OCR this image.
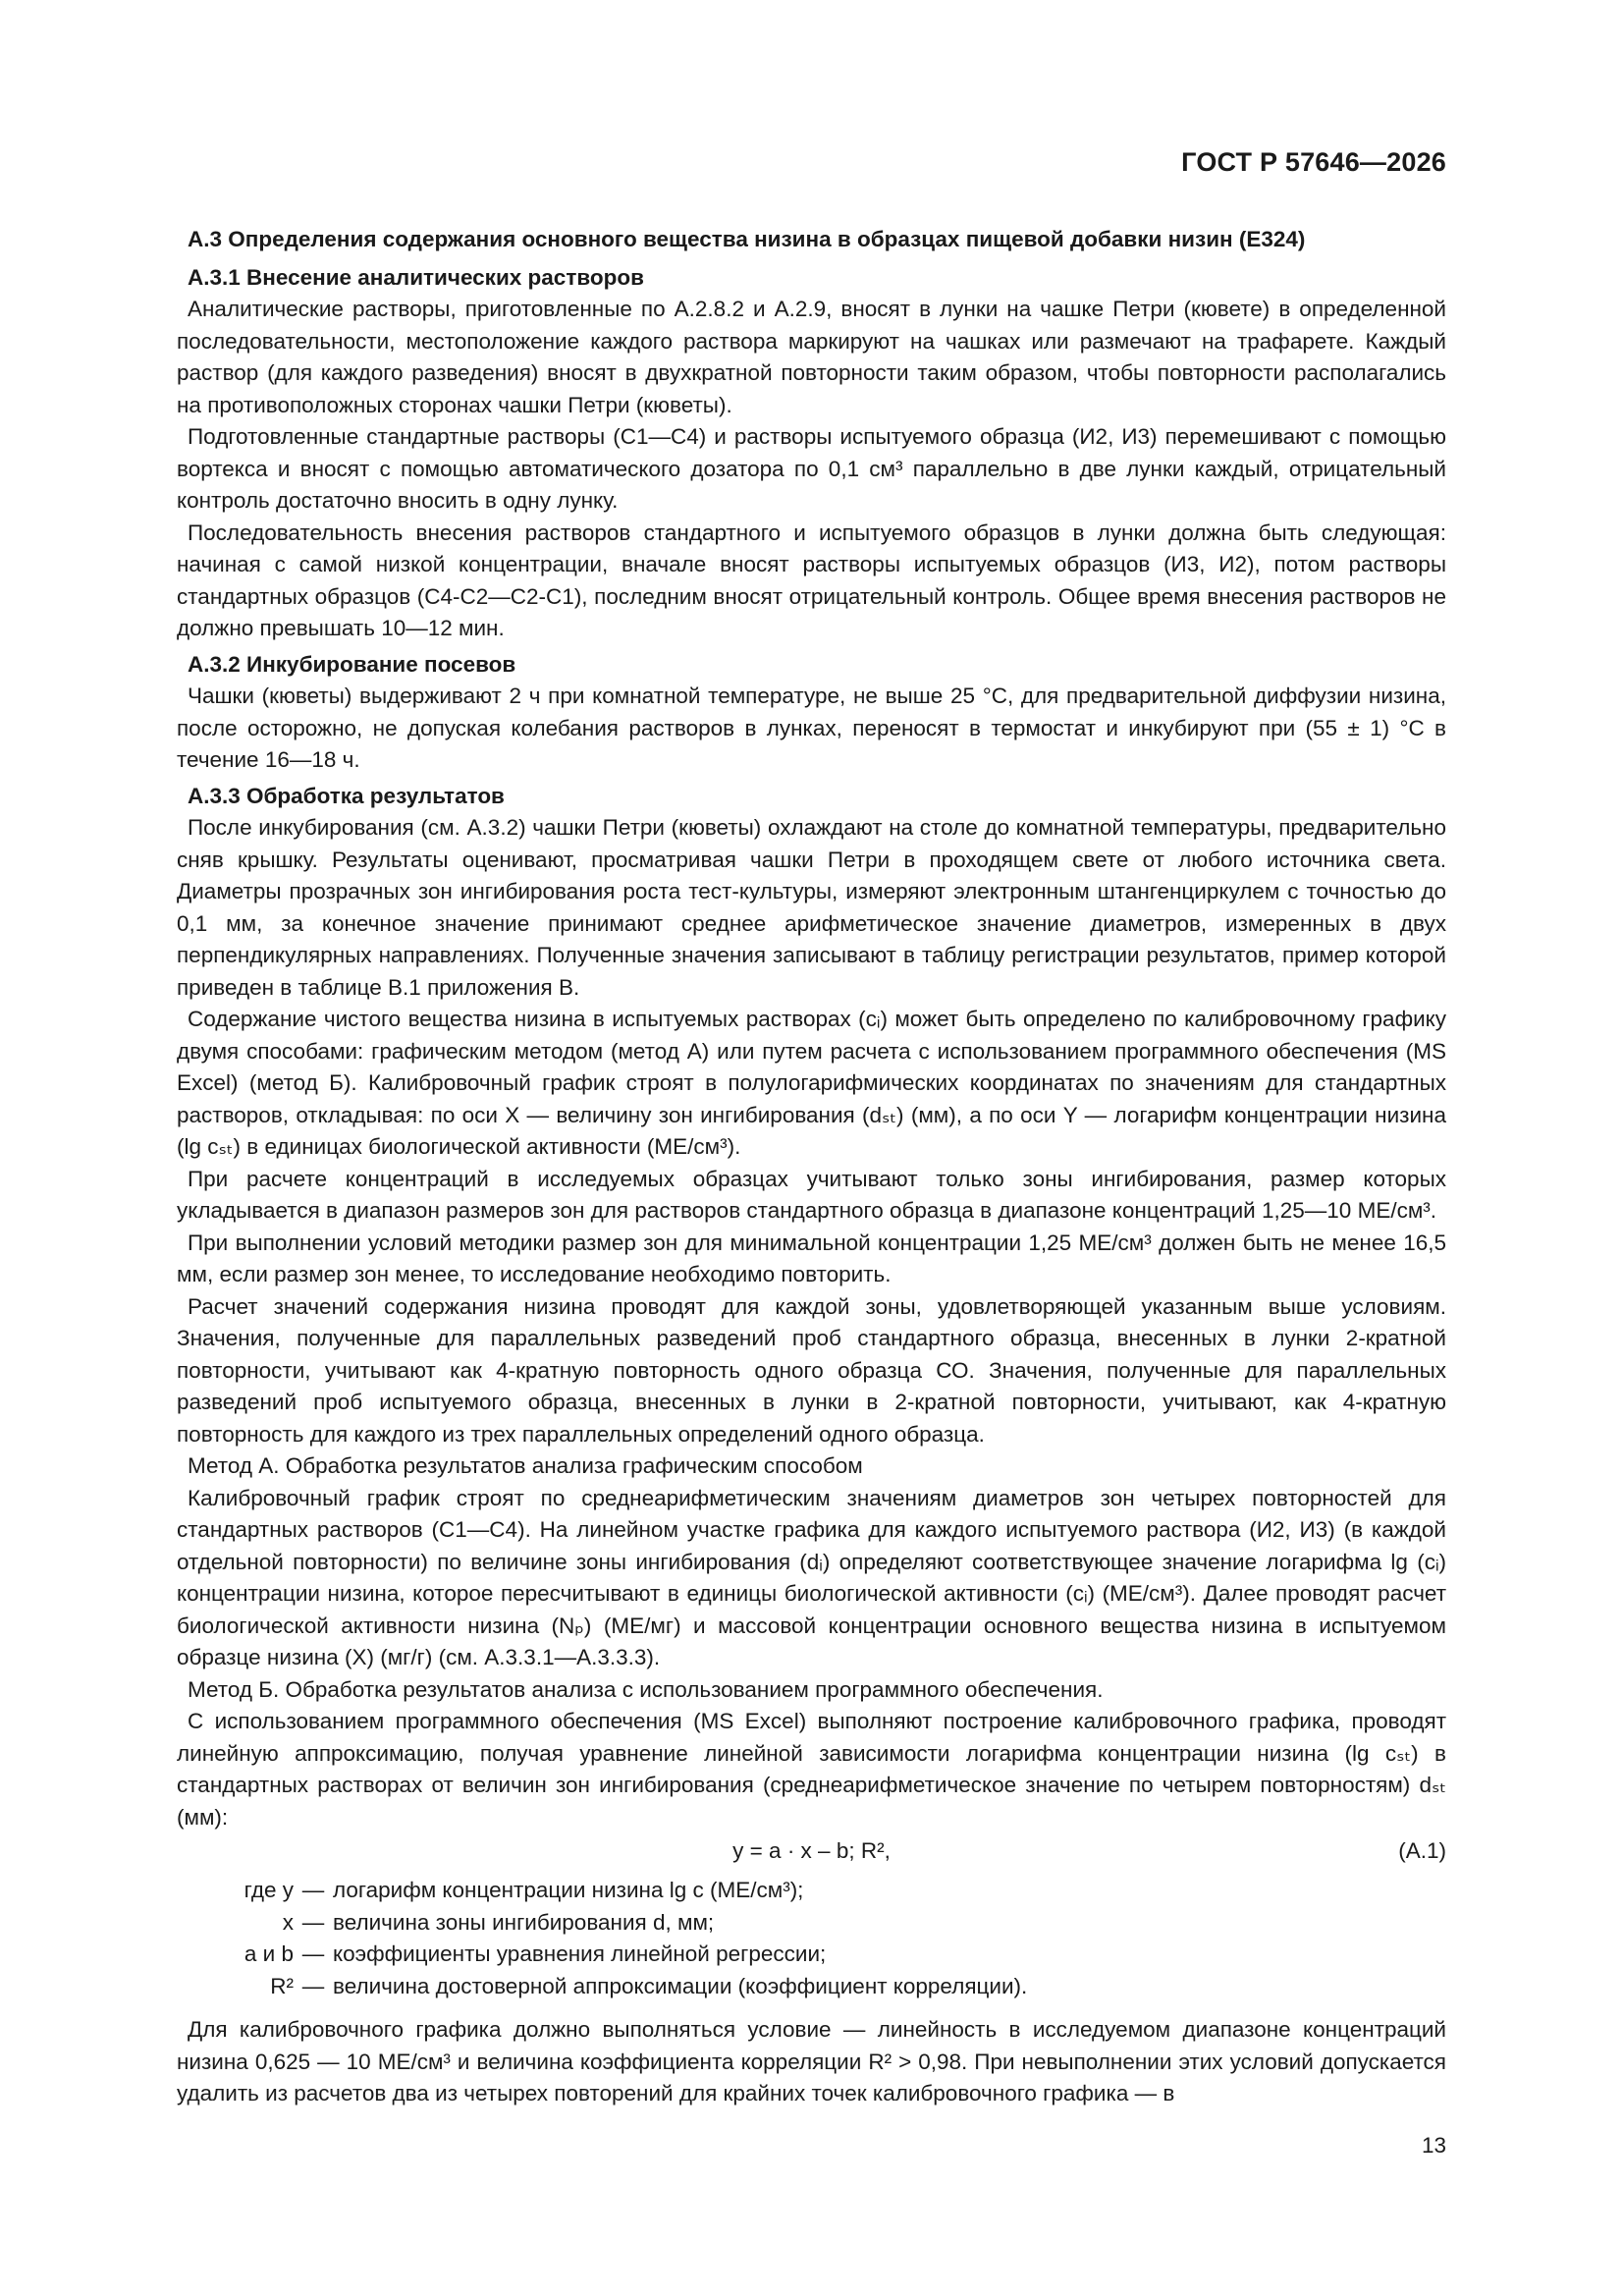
ГОСТ Р 57646—2026

А.3 Определения содержания основного вещества низина в образцах пищевой добавки низин (Е324)

А.3.1 Внесение аналитических растворов

Аналитические растворы, приготовленные по А.2.8.2 и А.2.9, вносят в лунки на чашке Петри (кювете) в определенной последовательности, местоположение каждого раствора маркируют на чашках или размечают на трафарете. Каждый раствор (для каждого разведения) вносят в двухкратной повторности таким образом, чтобы повторности располагались на противоположных сторонах чашки Петри (кюветы).

Подготовленные стандартные растворы (С1—С4) и растворы испытуемого образца (И2, И3) перемешивают с помощью вортекса и вносят с помощью автоматического дозатора по 0,1 см³ параллельно в две лунки каждый, отрицательный контроль достаточно вносить в одну лунку.

Последовательность внесения растворов стандартного и испытуемого образцов в лунки должна быть следующая: начиная с самой низкой концентрации, вначале вносят растворы испытуемых образцов (И3, И2), потом растворы стандартных образцов (С4-С2—С2-С1), последним вносят отрицательный контроль. Общее время внесения растворов не должно превышать 10—12 мин.

А.3.2 Инкубирование посевов

Чашки (кюветы) выдерживают 2 ч при комнатной температуре, не выше 25 °С, для предварительной диффузии низина, после осторожно, не допуская колебания растворов в лунках, переносят в термостат и инкубируют при (55 ± 1) °С в течение 16—18 ч.

А.3.3 Обработка результатов

После инкубирования (см. А.3.2) чашки Петри (кюветы) охлаждают на столе до комнатной температуры, предварительно сняв крышку. Результаты оценивают, просматривая чашки Петри в проходящем свете от любого источника света. Диаметры прозрачных зон ингибирования роста тест-культуры, измеряют электронным штангенциркулем с точностью до 0,1 мм, за конечное значение принимают среднее арифметическое значение диаметров, измеренных в двух перпендикулярных направлениях. Полученные значения записывают в таблицу регистрации результатов, пример которой приведен в таблице В.1 приложения В.

Содержание чистого вещества низина в испытуемых растворах (cᵢ) может быть определено по калибровочному графику двумя способами: графическим методом (метод А) или путем расчета с использованием программного обеспечения (MS Excel) (метод Б). Калибровочный график строят в полулогарифмических координатах по значениям для стандартных растворов, откладывая: по оси X — величину зон ингибирования (dₛₜ) (мм), а по оси Y — логарифм концентрации низина (lg cₛₜ) в единицах биологической активности (МЕ/см³).

При расчете концентраций в исследуемых образцах учитывают только зоны ингибирования, размер которых укладывается в диапазон размеров зон для растворов стандартного образца в диапазоне концентраций 1,25—10 МЕ/см³.

При выполнении условий методики размер зон для минимальной концентрации 1,25 МЕ/см³ должен быть не менее 16,5 мм, если размер зон менее, то исследование необходимо повторить.

Расчет значений содержания низина проводят для каждой зоны, удовлетворяющей указанным выше условиям. Значения, полученные для параллельных разведений проб стандартного образца, внесенных в лунки 2-кратной повторности, учитывают как 4-кратную повторность одного образца СО. Значения, полученные для параллельных разведений проб испытуемого образца, внесенных в лунки в 2-кратной повторности, учитывают, как 4-кратную повторность для каждого из трех параллельных определений одного образца.

Метод А. Обработка результатов анализа графическим способом

Калибровочный график строят по среднеарифметическим значениям диаметров зон четырех повторностей для стандартных растворов (С1—С4). На линейном участке графика для каждого испытуемого раствора (И2, И3) (в каждой отдельной повторности) по величине зоны ингибирования (dᵢ) определяют соответствующее значение логарифма lg (cᵢ) концентрации низина, которое пересчитывают в единицы биологической активности (cᵢ) (МЕ/см³). Далее проводят расчет биологической активности низина (Nₚ) (МЕ/мг) и массовой концентрации основного вещества низина в испытуемом образце низина (X) (мг/г) (см. А.3.3.1—А.3.3.3).

Метод Б. Обработка результатов анализа с использованием программного обеспечения.

С использованием программного обеспечения (MS Excel) выполняют построение калибровочного графика, проводят линейную аппроксимацию, получая уравнение линейной зависимости логарифма концентрации низина (lg cₛₜ) в стандартных растворах от величин зон ингибирования (среднеарифметическое значение по четырем повторностям) dₛₜ (мм):

y = a · x – b; R²,	(А.1)
где y — логарифм концентрации низина lg c (МЕ/см³);
x — величина зоны ингибирования d, мм;
a и b — коэффициенты уравнения линейной регрессии;
R² — величина достоверной аппроксимации (коэффициент корреляции).

Для калибровочного графика должно выполняться условие — линейность в исследуемом диапазоне концентраций низина 0,625 — 10 МЕ/см³ и величина коэффициента корреляции R² > 0,98. При невыполнении этих условий допускается удалить из расчетов два из четырех повторений для крайних точек калибровочного графика — в

13
